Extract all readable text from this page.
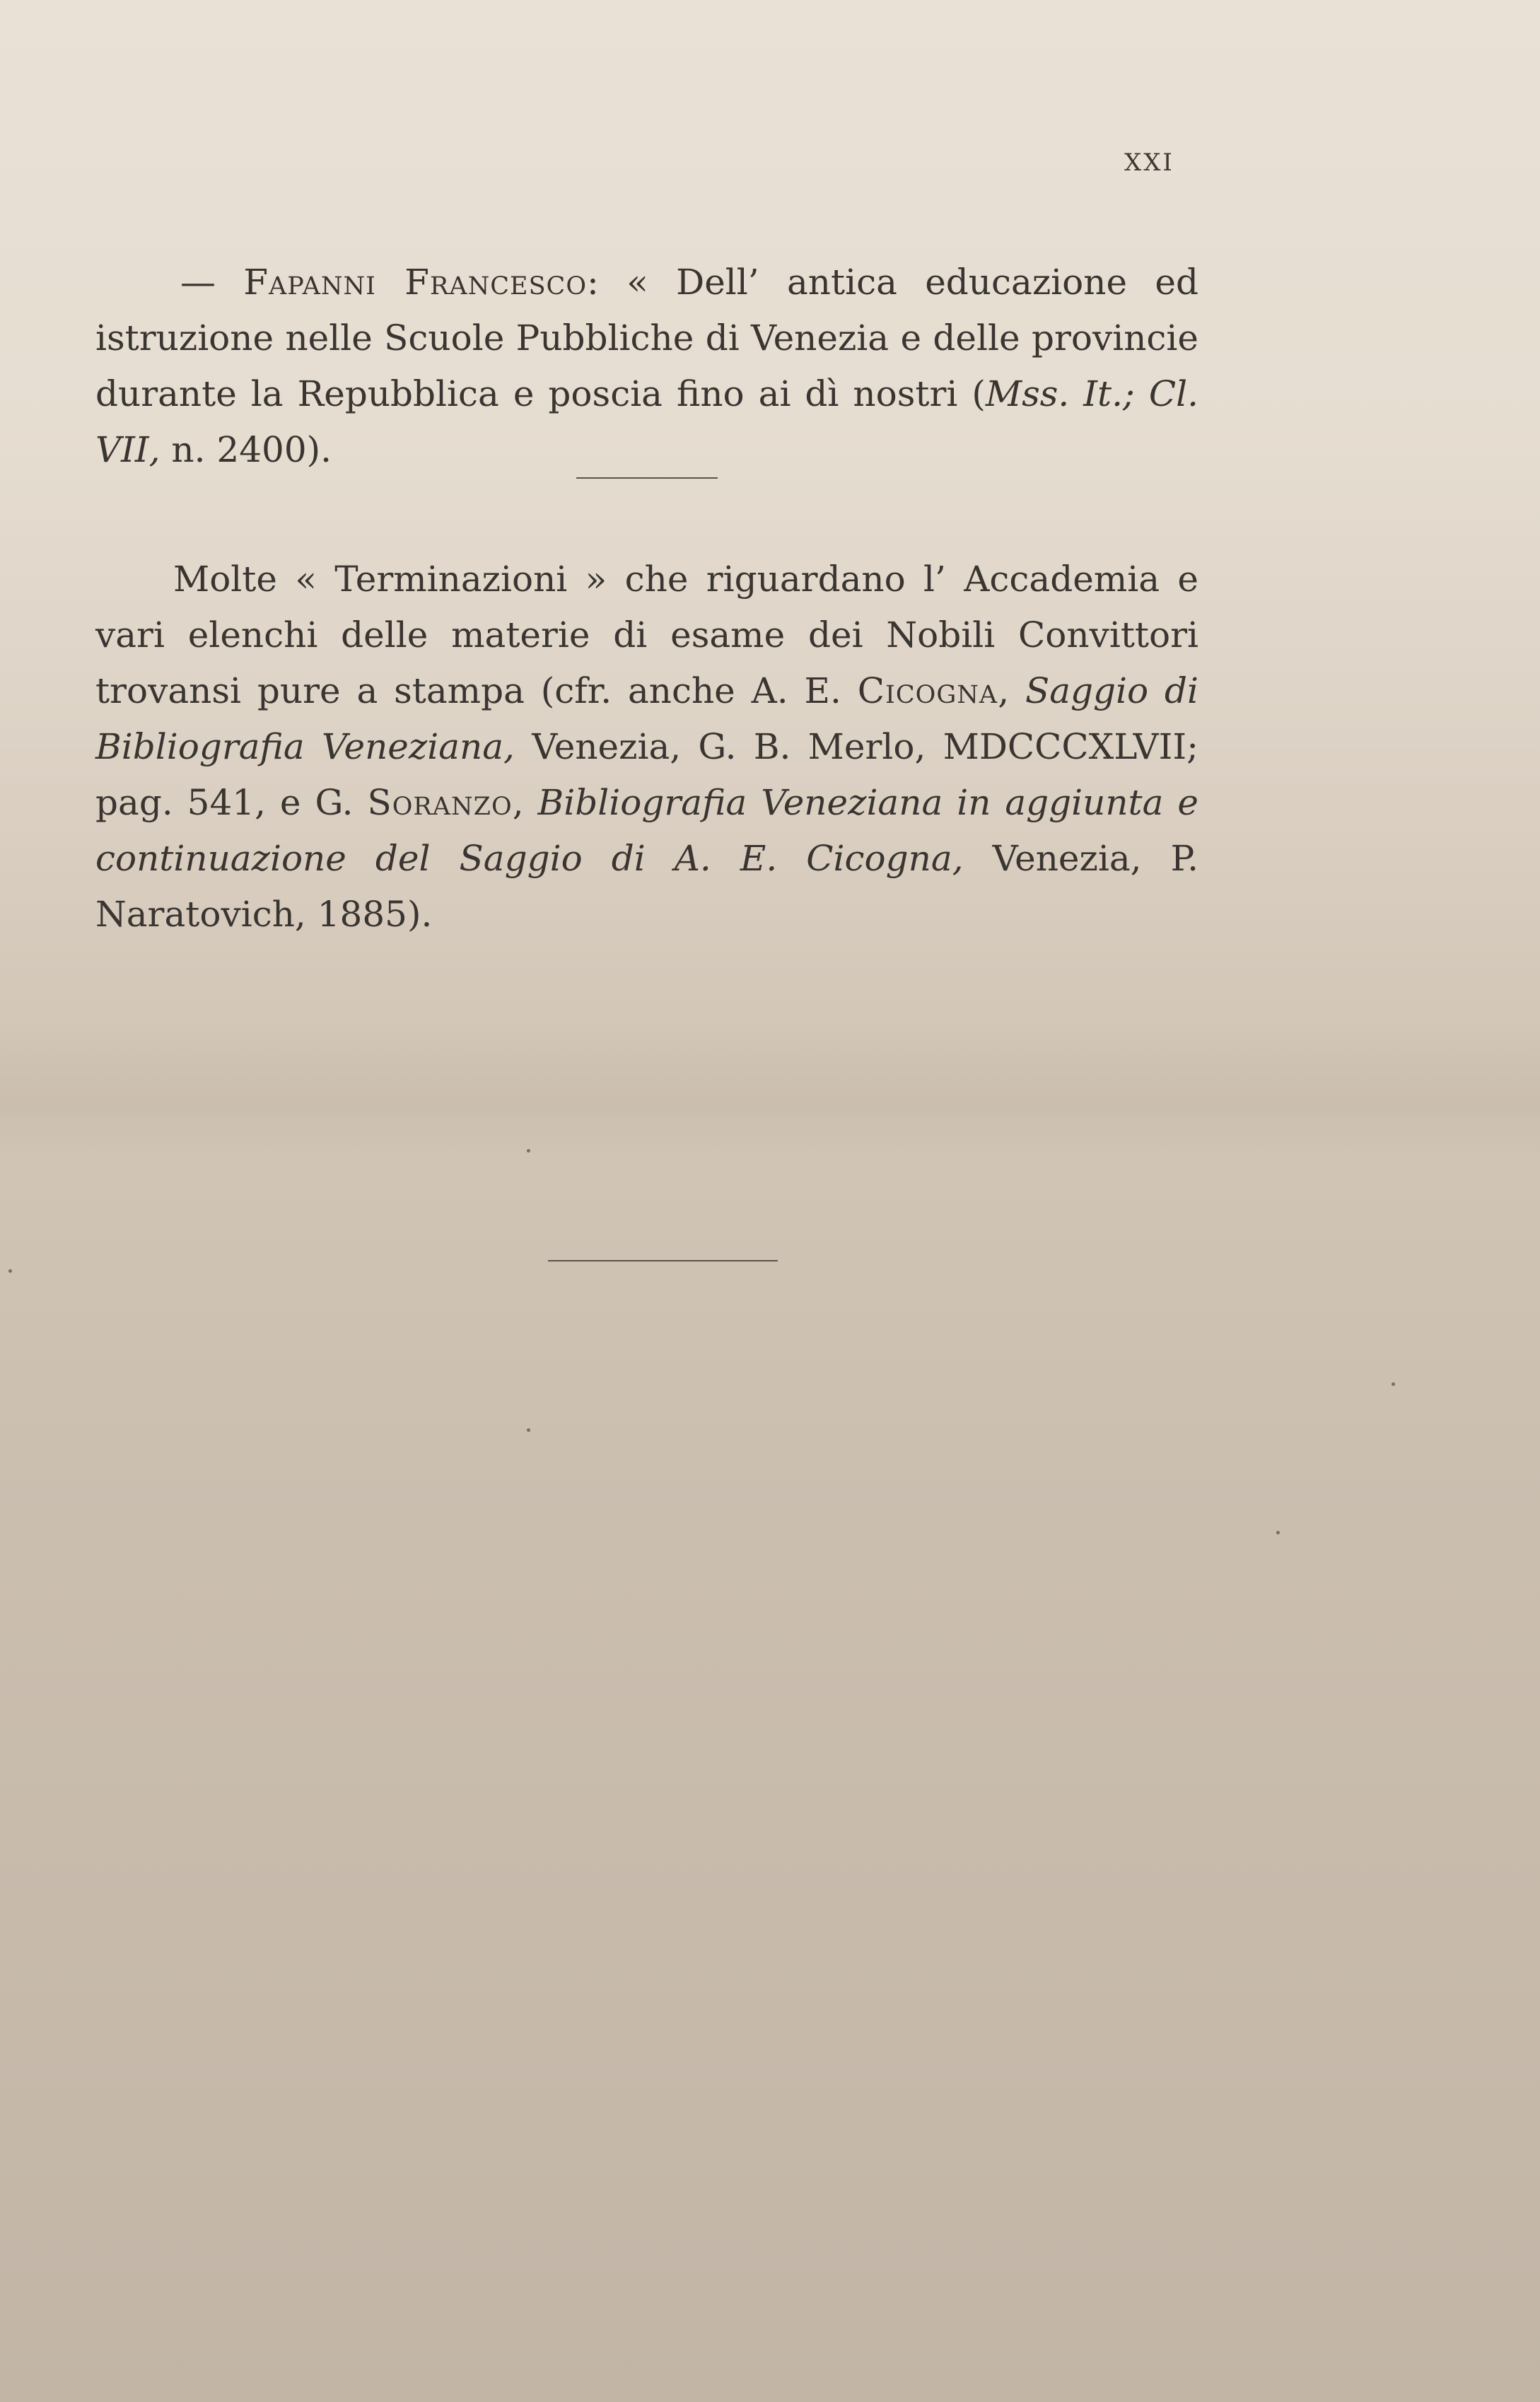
XXI

— Fapanni Francesco: « Dell’ antica educazione ed istruzione nelle Scuole Pubbliche di Venezia e delle provincie durante la Repubblica e poscia fino ai dì nostri (Mss. It.; Cl. VII, n. 2400).

Molte « Terminazioni » che riguardano l’ Accademia e vari elenchi delle materie di esame dei Nobili Convittori trovansi pure a stampa (cfr. anche A. E. Cicogna, Saggio di Bibliografia Veneziana, Venezia, G. B. Merlo, MDCCCXLVII; pag. 541, e G. Soranzo, Bibliografia Veneziana in aggiunta e continuazione del Saggio di A. E. Cicogna, Venezia, P. Naratovich, 1885).
